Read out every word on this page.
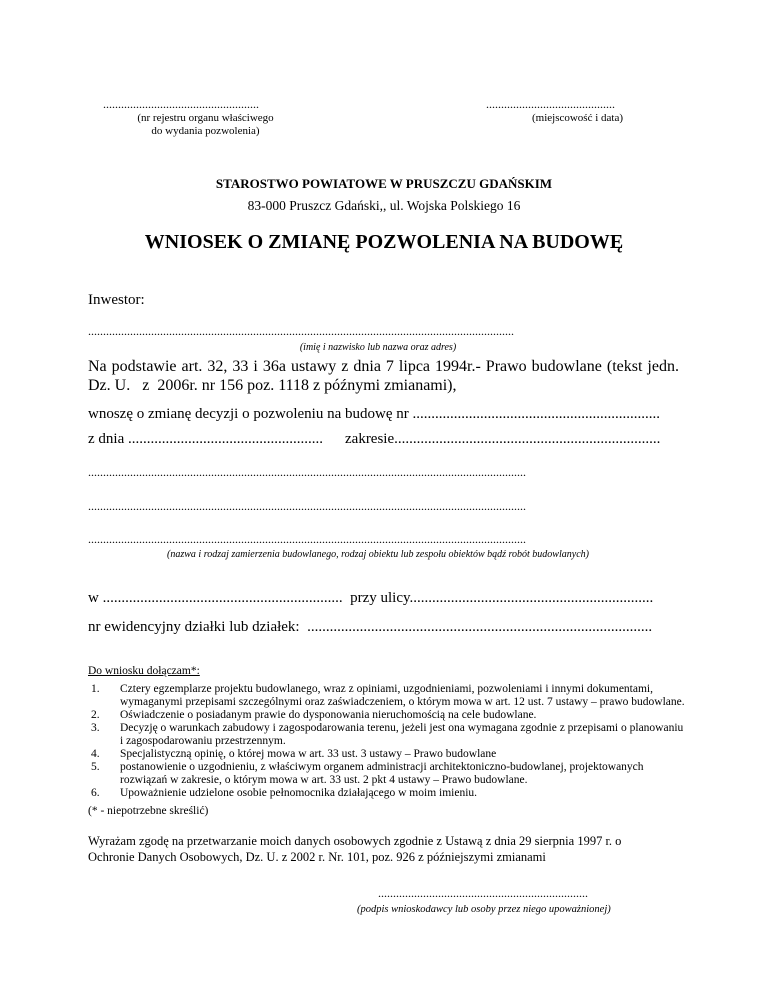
....................................................
(nr rejestru organu właściwego
do wydania pozwolenia)
...........................................
(miejscowość i data)
STAROSTWO POWIATOWE W PRUSZCZU GDAŃSKIM
83-000 Pruszcz Gdański,, ul. Wojska Polskiego 16
WNIOSEK O ZMIANĘ POZWOLENIA NA BUDOWĘ
Inwestor:
..............................................................................................................................................
(imię i nazwisko lub nazwa oraz adres)
Na podstawie art. 32, 33 i 36a ustawy z dnia 7 lipca 1994r.- Prawo budowlane (tekst jedn.
Dz. U.   z  2006r. nr 156 poz. 1118 z późnymi zmianami),
wnoszę o zmianę decyzji o pozwoleniu na budowę nr ..................................................................
z dnia .................................................... zakresie.......................................................................
..................................................................................................................................................
..................................................................................................................................................
..................................................................................................................................................
(nazwa i rodzaj zamierzenia budowlanego, rodzaj obiektu lub zespołu obiektów bądź robót budowlanych)
w ................................................................  przy ulicy.................................................................
nr ewidencyjny działki lub działek:  ............................................................................................
Do wniosku dołączam*:
1. Cztery egzemplarze projektu budowlanego, wraz z opiniami, uzgodnieniami, pozwoleniami i innymi dokumentami, wymaganymi przepisami szczególnymi oraz zaświadczeniem, o którym mowa w art. 12 ust. 7 ustawy – prawo budowlane.
2. Oświadczenie o posiadanym prawie do dysponowania nieruchomością na cele budowlane.
3. Decyzję o warunkach zabudowy i zagospodarowania terenu, jeżeli jest ona wymagana zgodnie z przepisami o planowaniu i zagospodarowaniu przestrzennym.
4. Specjalistyczną opinię, o której mowa w art. 33 ust. 3 ustawy – Prawo budowlane
5. postanowienie o uzgodnieniu, z właściwym organem administracji architektoniczno-budowlanej, projektowanych rozwiązań w zakresie, o którym mowa w art. 33 ust. 2 pkt 4 ustawy – Prawo budowlane.
6. Upoważnienie udzielone osobie pełnomocnika działającego w moim imieniu.
(* - niepotrzebne skreślić)
Wyrażam zgodę na przetwarzanie moich danych osobowych zgodnie z Ustawą z dnia 29 sierpnia 1997 r. o
Ochronie Danych Osobowych, Dz. U. z 2002 r. Nr. 101, poz. 926 z późniejszymi zmianami
......................................................................
(podpis wnioskodawcy lub osoby przez niego upoważnionej)
